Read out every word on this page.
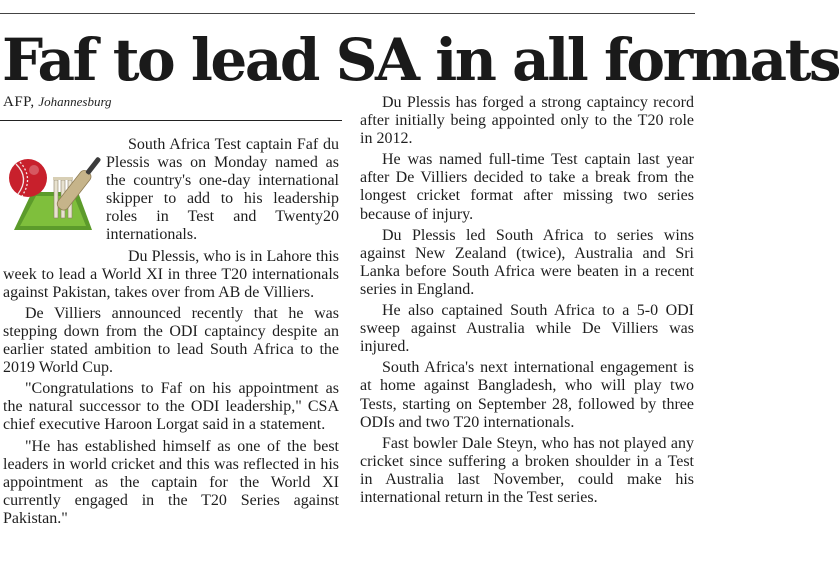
Faf to lead SA in all formats
AFP, Johannesburg

South Africa Test captain Faf du Plessis was on Monday named as the country's one-day international skipper to add to his leadership roles in Test and Twenty20 internationals.

Du Plessis, who is in Lahore this week to lead a World XI in three T20 internationals against Pakistan, takes over from AB de Villiers.

De Villiers announced recently that he was stepping down from the ODI captaincy despite an earlier stated ambition to lead South Africa to the 2019 World Cup.

"Congratulations to Faf on his appointment as the natural successor to the ODI leadership," CSA chief executive Haroon Lorgat said in a statement.

"He has established himself as one of the best leaders in world cricket and this was reflected in his appointment as the captain for the World XI currently engaged in the T20 Series against Pakistan."

Du Plessis has forged a strong captaincy record after initially being appointed only to the T20 role in 2012.

He was named full-time Test captain last year after De Villiers decided to take a break from the longest cricket format after missing two series because of injury.

Du Plessis led South Africa to series wins against New Zealand (twice), Australia and Sri Lanka before South Africa were beaten in a recent series in England.

He also captained South Africa to a 5-0 ODI sweep against Australia while De Villiers was injured.

South Africa's next international engagement is at home against Bangladesh, who will play two Tests, starting on September 28, followed by three ODIs and two T20 internationals.

Fast bowler Dale Steyn, who has not played any cricket since suffering a broken shoulder in a Test in Australia last November, could make his international return in the Test series.
